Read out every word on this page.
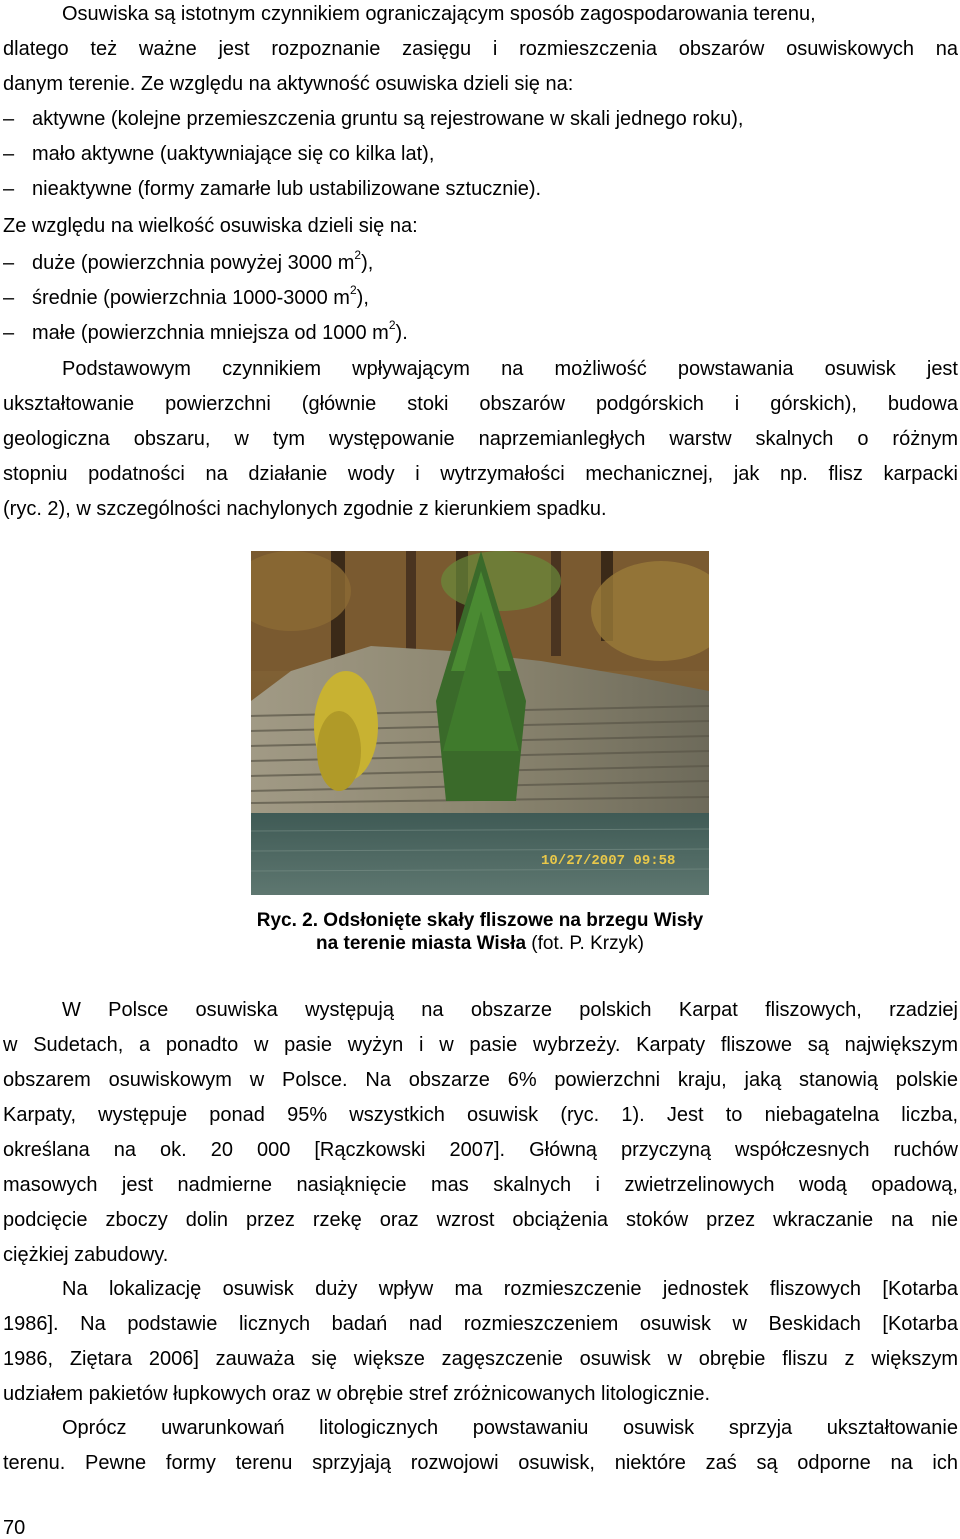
Osuwiska są istotnym czynnikiem ograniczającym sposób zagospodarowania terenu,
dlatego też ważne jest rozpoznanie zasięgu i rozmieszczenia obszarów osuwiskowych na
danym terenie. Ze względu na aktywność osuwiska dzieli się na:
– aktywne (kolejne przemieszczenia gruntu są rejestrowane w skali jednego roku),
– mało aktywne (uaktywniające się co kilka lat),
– nieaktywne (formy zamarłe lub ustabilizowane sztucznie).
Ze względu na wielkość osuwiska dzieli się na:
– duże (powierzchnia powyżej 3000 $m^2$),
– średnie (powierzchnia 1000-3000 $m^2$),
– małe (powierzchnia mniejsza od 1000 $m^2$).
Podstawowym czynnikiem wpływającym na możliwość powstawania osuwisk jest
ukształtowanie powierzchni (głównie stoki obszarów podgórskich i górskich), budowa
geologiczna obszaru, w tym występowanie naprzemianległych warstw skalnych o różnym
stopniu podatności na działanie wody i wytrzymałości mechanicznej, jak np. flisz karpacki
(ryc. 2), w szczególności nachylonych zgodnie z kierunkiem spadku.
10/27/2007 09:58
Ryc. 2. Odsłonięte skały fliszowe na brzegu Wisły
na terenie miasta Wisła (fot. P. Krzyk)
W Polsce osuwiska występują na obszarze polskich Karpat fliszowych, rzadziej
w Sudetach, a ponadto w pasie wyżyn i w pasie wybrzeży. Karpaty fliszowe są największym
obszarem osuwiskowym w Polsce. Na obszarze 6% powierzchni kraju, jaką stanowią polskie
Karpaty, występuje ponad 95% wszystkich osuwisk (ryc. 1). Jest to niebagatelna liczba,
określana na ok. 20 000 [Rączkowski 2007]. Główną przyczyną współczesnych ruchów
masowych jest nadmierne nasiąknięcie mas skalnych i zwietrzelinowych wodą opadową,
podcięcie zboczy dolin przez rzekę oraz wzrost obciążenia stoków przez wkraczanie na nie
ciężkiej zabudowy.
Na lokalizację osuwisk duży wpływ ma rozmieszczenie jednostek fliszowych [Kotarba
1986]. Na podstawie licznych badań nad rozmieszczeniem osuwisk w Beskidach [Kotarba
1986, Ziętara 2006] zauważa się większe zagęszczenie osuwisk w obrębie fliszu z większym
udziałem pakietów łupkowych oraz w obrębie stref zróżnicowanych litologicznie.
Oprócz uwarunkowań litologicznych powstawaniu osuwisk sprzyja ukształtowanie
terenu. Pewne formy terenu sprzyjają rozwojowi osuwisk, niektóre zaś są odporne na ich
70
